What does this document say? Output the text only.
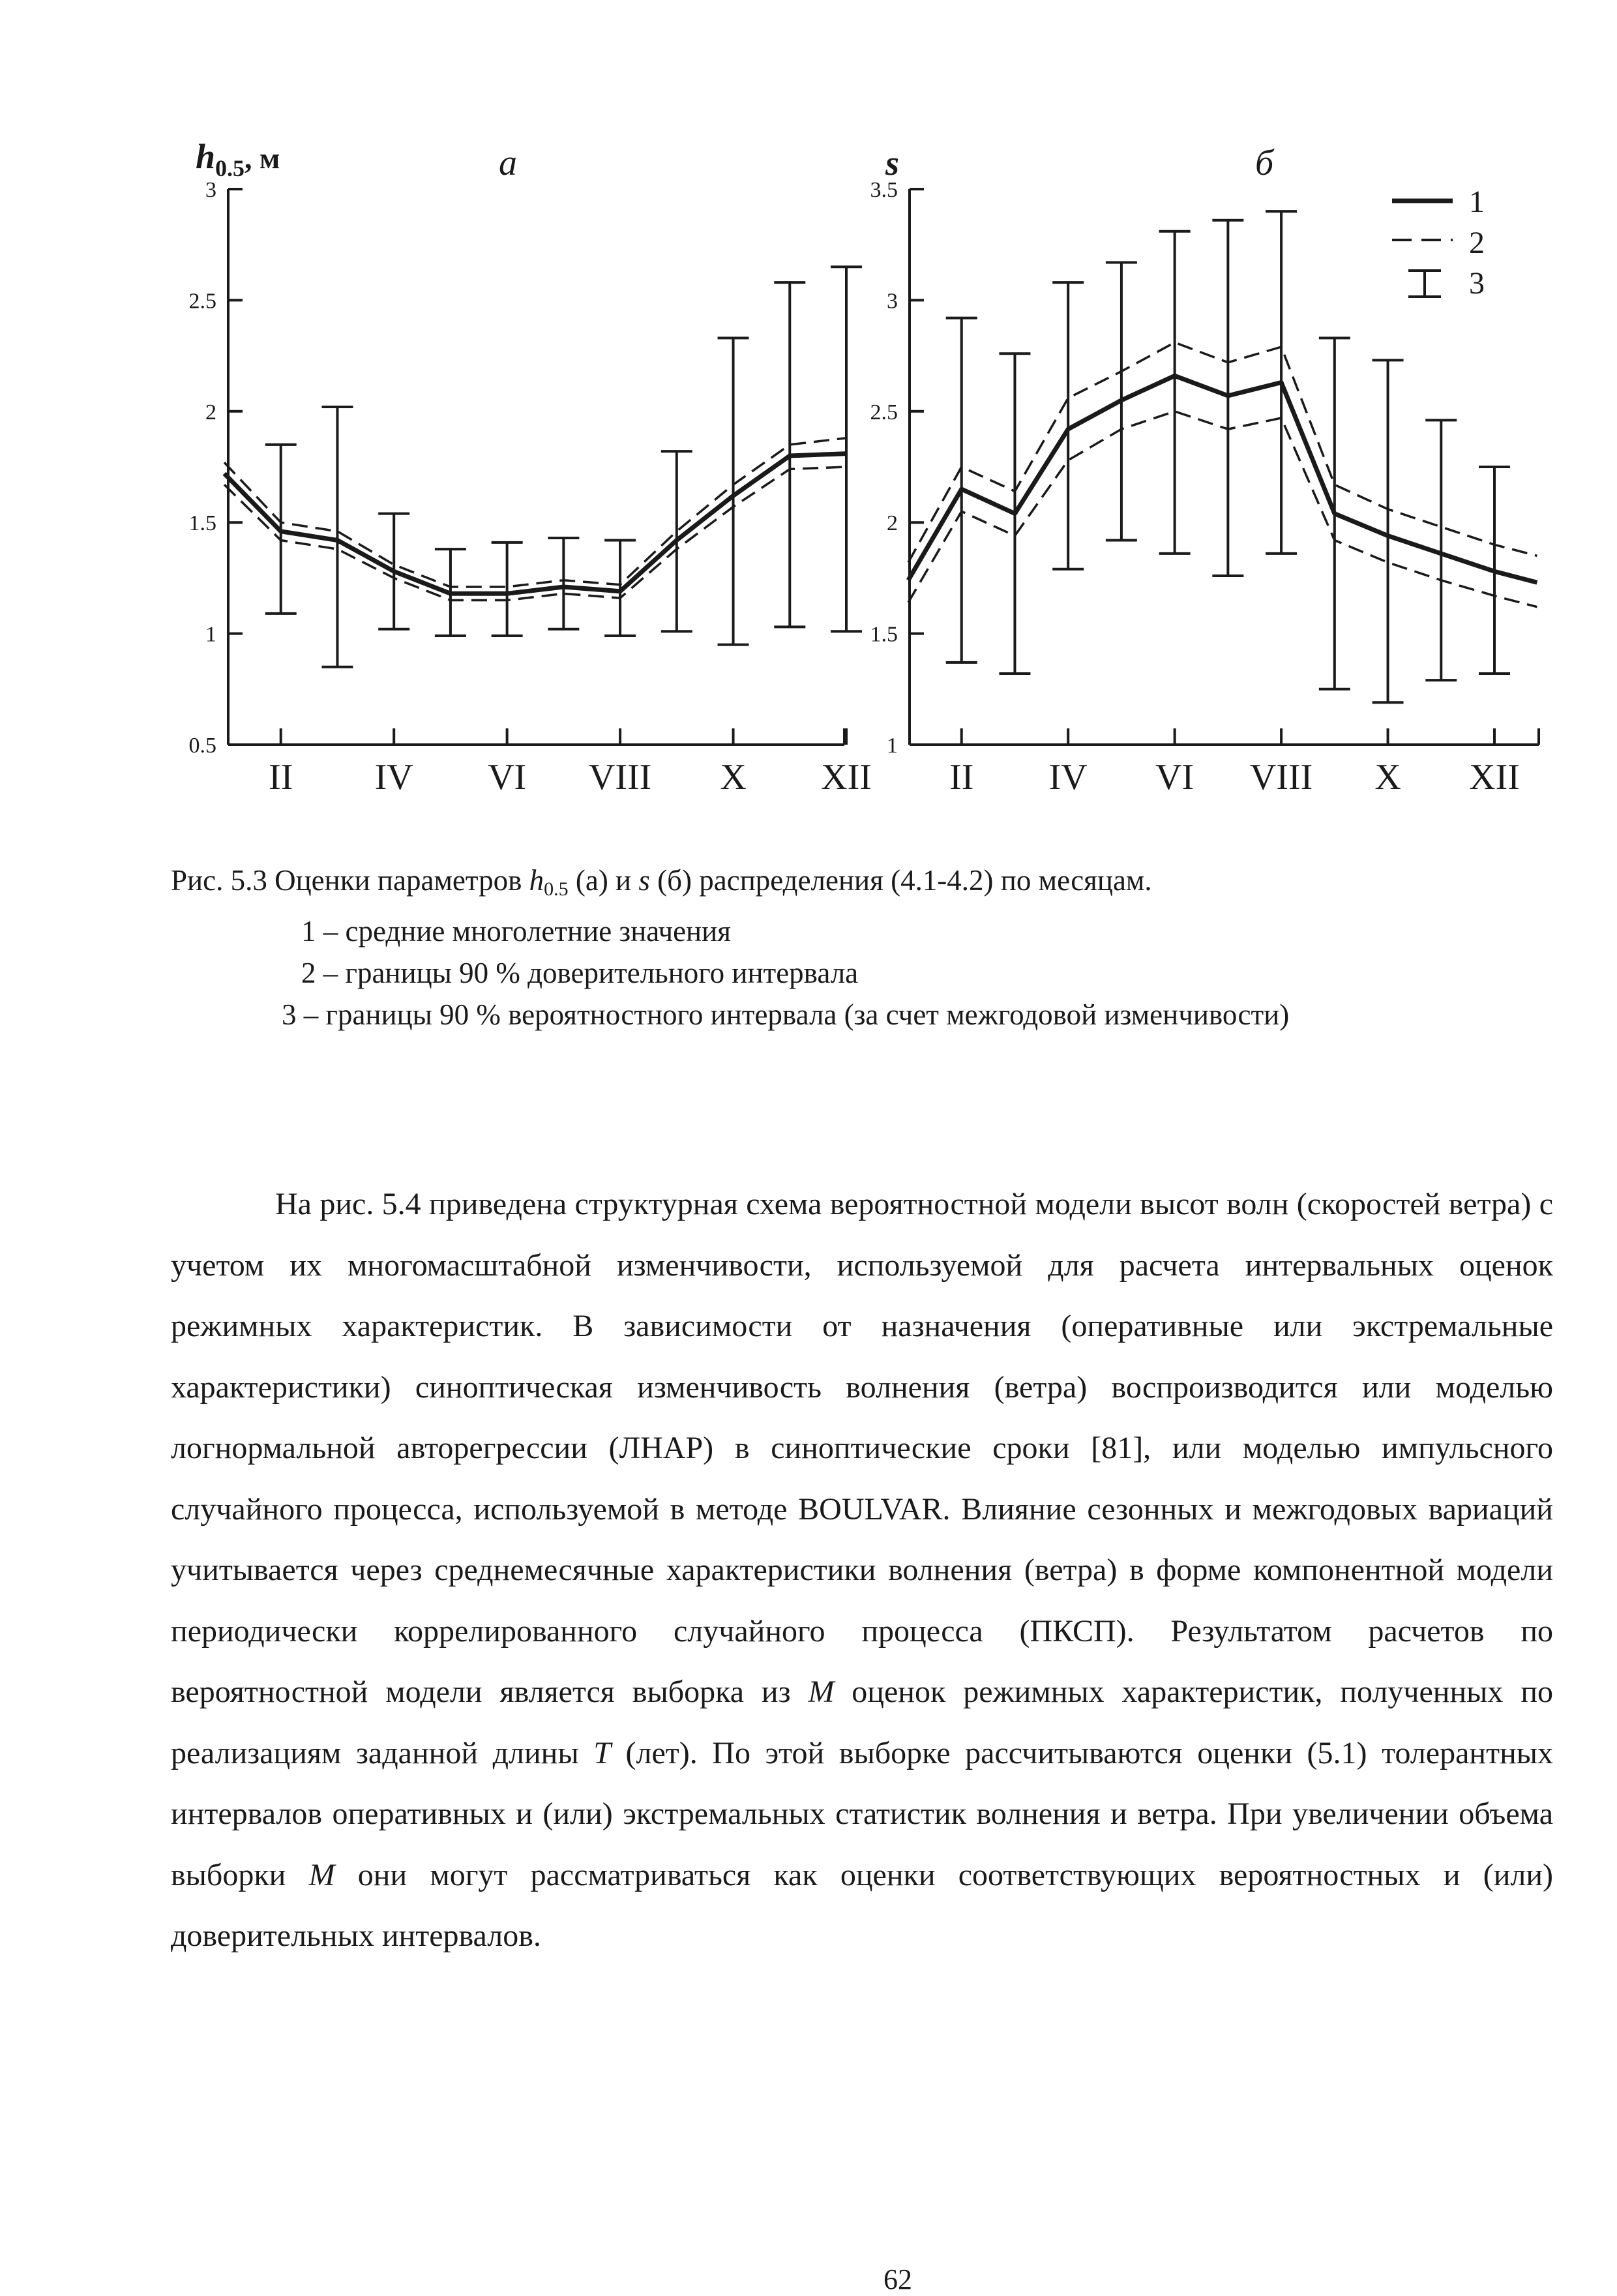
0.5
1
1.5
2
2.5
3
II IV VI VIII X XII
$h_{0.5}$, м	а
1
1.5
2
2.5
3
3.5
II IV VI VIII X XII
s	б
1
2
3
Рис. 5.3 Оценки параметров $h_{0.5}$ (а) и s (б) распределения (4.1-4.2) по месяцам.
1 – средние многолетние значения
2 – границы 90 % доверительного интервала
3 – границы 90 % вероятностного интервала (за счет межгодовой изменчивости)
На рис. 5.4 приведена структурная схема вероятностной модели высот волн (скоростей ветра) с учетом их многомасштабной изменчивости, используемой для расчета интервальных оценок режимных характеристик. В зависимости от назначения (оперативные или экстремальные характеристики) синоптическая изменчивость волнения (ветра) воспроизводится или моделью логнормальной авторегрессии (ЛНАР) в синоптические сроки [81], или моделью импульсного случайного процесса, используемой в методе BOULVAR. Влияние сезонных и межгодовых вариаций учитывается через среднемесячные характеристики волнения (ветра) в форме компонентной модели периодически коррелированного случайного процесса (ПКСП). Результатом расчетов по вероятностной модели является выборка из M оценок режимных характеристик, полученных по реализациям заданной длины T (лет). По этой выборке рассчитываются оценки (5.1) толерантных интервалов оперативных и (или) экстремальных статистик волнения и ветра. При увеличении объема выборки M они могут рассматриваться как оценки соответствующих вероятностных и (или) доверительных интервалов.
62
